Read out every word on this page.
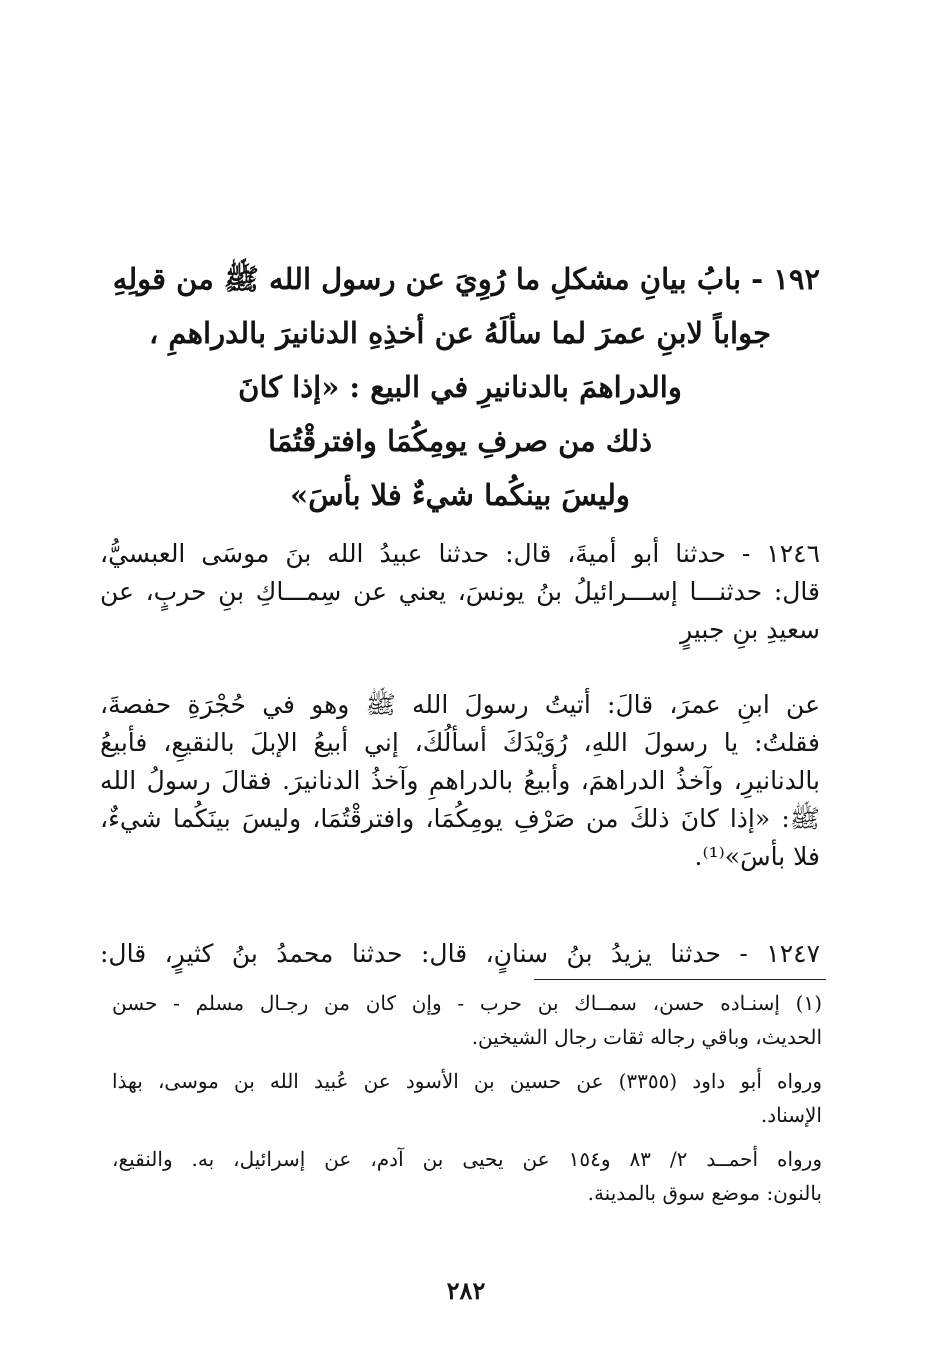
١٩٢ - بابُ بيانِ مشكلِ ما رُوِيَ عن رسول الله ﷺ من قولِهِ
جواباً لابنِ عمرَ لما سألَهُ عن أخذِهِ الدنانيرَ بالدراهمِ ،
والدراهمَ بالدنانيرِ في البيع : «إذا كانَ
ذلك من صرفِ يومِكُمَا وافترقْتُمَا
وليسَ بينكُما شيءٌ فلا بأسَ»
١٢٤٦ - حدثنا أبو أميةَ، قال: حدثنا عبيدُ الله بنَ موسَى العبسيُّ،
قال: حدثنـــا إســـرائيلُ بنُ يونسَ، يعني عن سِمـــاكِ بنِ حربٍ، عن
سعيدِ بنِ جبيرٍ
عن ابنِ عمرَ، قالَ: أتيتُ رسولَ الله ﷺ وهو في حُجْرَةِ حفصةَ،
فقلتُ: يا رسولَ اللهِ، رُوَيْدَكَ أسألُكَ، إني أبيعُ الإبلَ بالنقيعِ، فأبيعُ
بالدنانيرِ، وآخذُ الدراهمَ، وأبيعُ بالدراهمِ وآخذُ الدنانيرَ. فقالَ رسولُ الله
ﷺ: «إذا كانَ ذلكَ من صَرْفِ يومِكُمَا، وافترقْتُمَا، وليسَ بينَكُما شيءٌ،
فلا بأسَ»⁽¹⁾.
١٢٤٧ - حدثنا يزيدُ بنُ سنانٍ، قال: حدثنا محمدُ بنُ كثيرٍ، قال:
(١) إسنـاده حسن، سمــاك بن حرب - وإن كان من رجـال مسلم - حسن
الحديث، وباقي رجاله ثقات رجال الشيخين.
ورواه أبو داود (٣٣٥٥) عن حسين بن الأسود عن عُبيد الله بن موسى، بهذا
الإسناد.
ورواه أحمــد ٢/ ٨٣ و١٥٤ عن يحيى بن آدم، عن إسرائيل، به. والنقيع،
بالنون: موضع سوق بالمدينة.
٢٨٢
